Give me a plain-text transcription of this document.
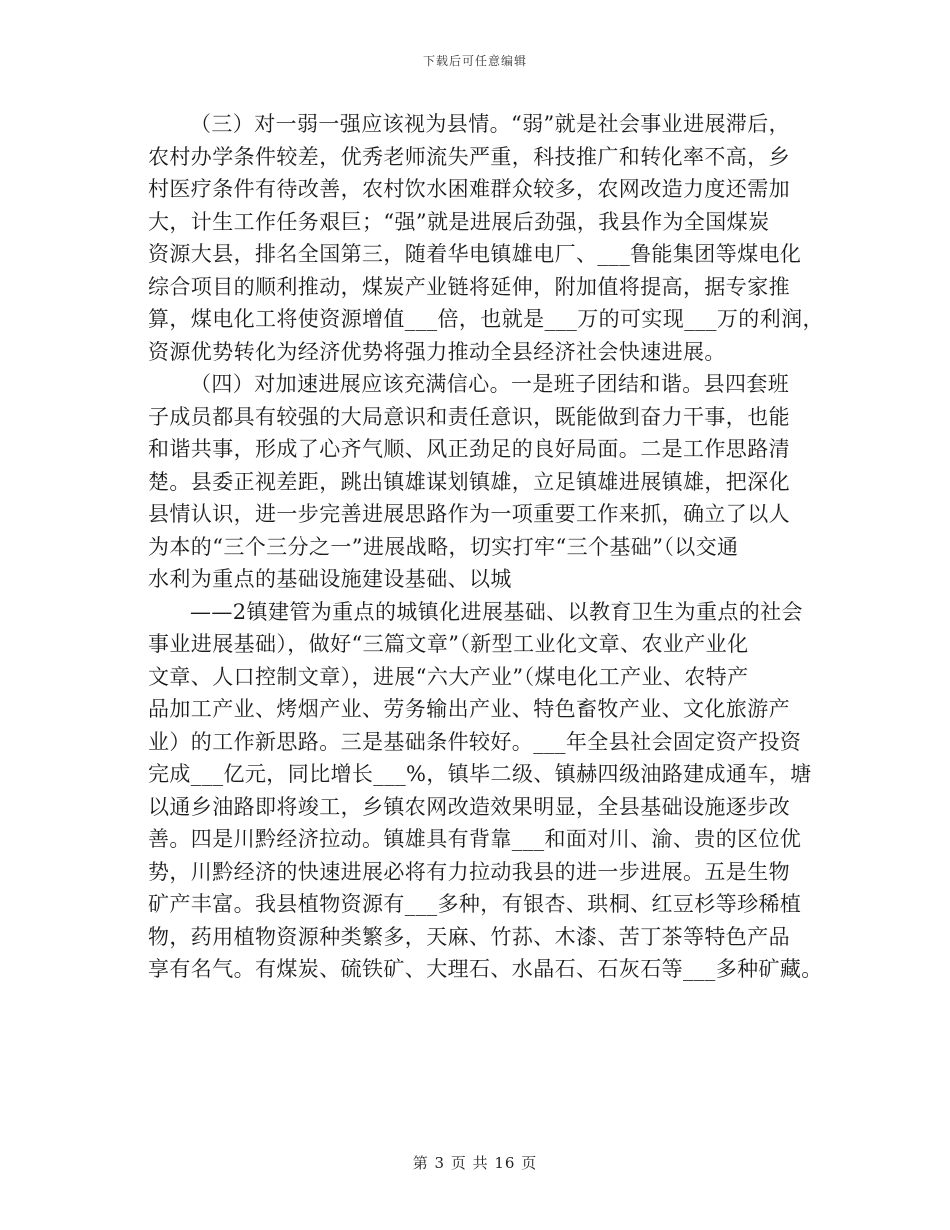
下载后可任意编辑
（三）对一弱一强应该视为县情。“弱”就是社会事业进展滞后，
农村办学条件较差，优秀老师流失严重，科技推广和转化率不高，乡
村医疗条件有待改善，农村饮水困难群众较多，农网改造力度还需加
大，计生工作任务艰巨；“强”就是进展后劲强，我县作为全国煤炭
资源大县，排名全国第三，随着华电镇雄电厂、___鲁能集团等煤电化
综合项目的顺利推动，煤炭产业链将延伸，附加值将提高，据专家推
算，煤电化工将使资源增值___倍，也就是___万的可实现___万的利润，
资源优势转化为经济优势将强力推动全县经济社会快速进展。
（四）对加速进展应该充满信心。一是班子团结和谐。县四套班
子成员都具有较强的大局意识和责任意识，既能做到奋力干事，也能
和谐共事，形成了心齐气顺、风正劲足的良好局面。二是工作思路清
楚。县委正视差距，跳出镇雄谋划镇雄，立足镇雄进展镇雄，把深化
县情认识，进一步完善进展思路作为一项重要工作来抓，确立了以人
为本的“三个三分之一”进展战略，切实打牢“三个基础”（以交通
水利为重点的基础设施建设基础、以城
——2镇建管为重点的城镇化进展基础、以教育卫生为重点的社会
事业进展基础），做好“三篇文章”（新型工业化文章、农业产业化
文章、人口控制文章），进展“六大产业”（煤电化工产业、农特产
品加工产业、烤烟产业、劳务输出产业、特色畜牧产业、文化旅游产
业）的工作新思路。三是基础条件较好。___年全县社会固定资产投资
完成___亿元，同比增长___%，镇毕二级、镇赫四级油路建成通车，塘
以通乡油路即将竣工，乡镇农网改造效果明显，全县基础设施逐步改
善。四是川黔经济拉动。镇雄具有背靠___和面对川、渝、贵的区位优
势，川黔经济的快速进展必将有力拉动我县的进一步进展。五是生物
矿产丰富。我县植物资源有___多种，有银杏、珙桐、红豆杉等珍稀植
物，药用植物资源种类繁多，天麻、竹荪、木漆、苦丁茶等特色产品
享有名气。有煤炭、硫铁矿、大理石、水晶石、石灰石等___多种矿藏。
第 3 页 共 16 页
